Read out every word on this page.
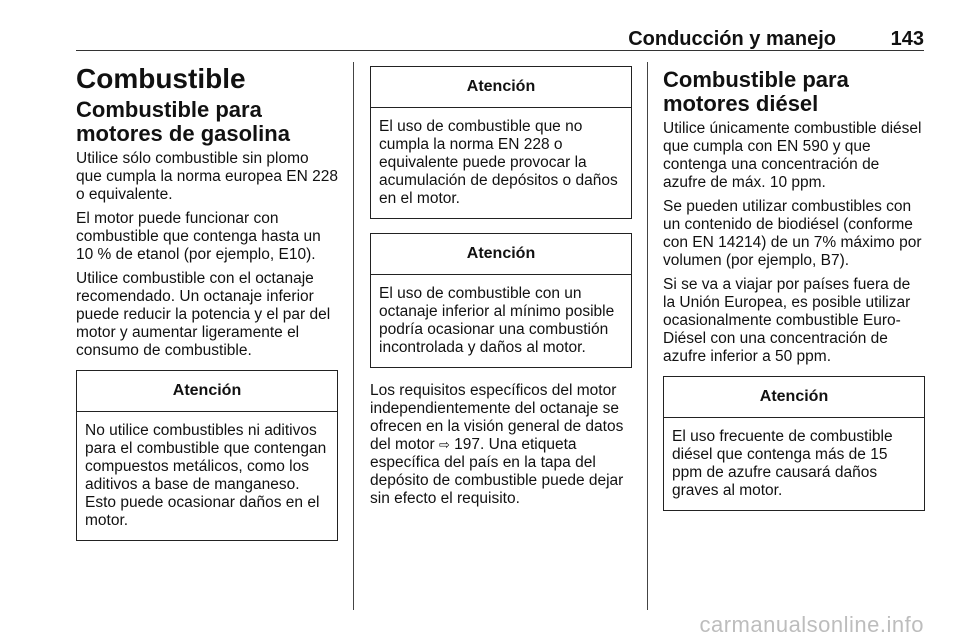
Conducción y manejo	143
Combustible
Combustible para motores de gasolina

Utilice sólo combustible sin plomo que cumpla la norma europea EN 228 o equivalente.

El motor puede funcionar con combustible que contenga hasta un 10 % de etanol (por ejemplo, E10).

Utilice combustible con el octanaje recomendado. Un octanaje inferior puede reducir la potencia y el par del motor y aumentar ligeramente el consumo de combustible.

Atención
No utilice combustibles ni aditivos para el combustible que contengan compuestos metálicos, como los aditivos a base de manganeso. Esto puede ocasionar daños en el motor.
Atención
El uso de combustible que no cumpla la norma EN 228 o equivalente puede provocar la acumulación de depósitos o daños en el motor.
Atención
El uso de combustible con un octanaje inferior al mínimo posible podría ocasionar una combustión incontrolada y daños al motor.

Los requisitos específicos del motor independientemente del octanaje se ofrecen en la visión general de datos del motor ⇨ 197. Una etiqueta específica del país en la tapa del depósito de combustible puede dejar sin efecto el requisito.

Combustible para motores diésel

Utilice únicamente combustible diésel que cumpla con EN 590 y que contenga una concentración de azufre de máx. 10 ppm.

Se pueden utilizar combustibles con un contenido de biodiésel (conforme con EN 14214) de un 7% máximo por volumen (por ejemplo, B7).

Si se va a viajar por países fuera de la Unión Europea, es posible utilizar ocasionalmente combustible Euro-Diésel con una concentración de azufre inferior a 50 ppm.

Atención
El uso frecuente de combustible diésel que contenga más de 15 ppm de azufre causará daños graves al motor.
carmanualsonline.info
